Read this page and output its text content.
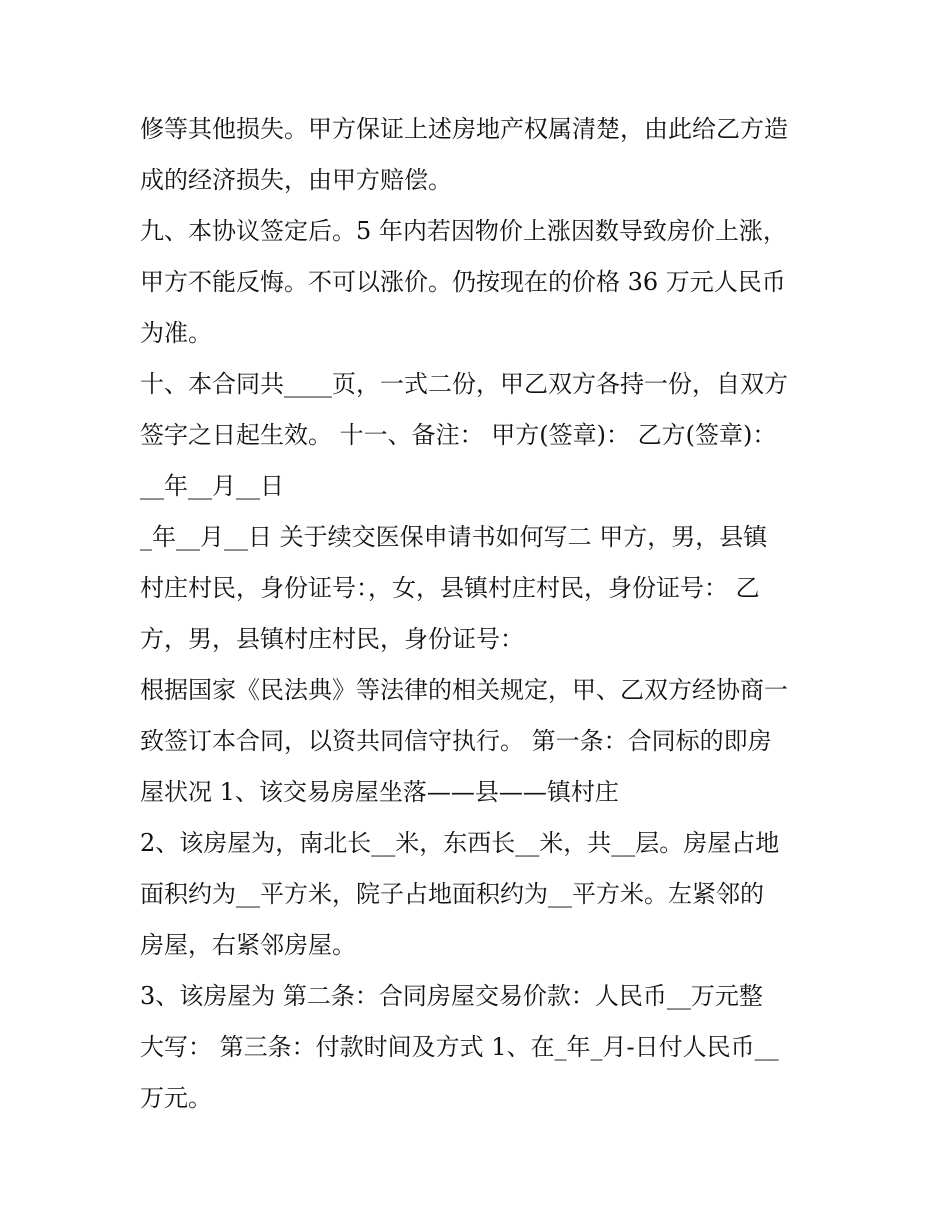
修等其他损失。甲方保证上述房地产权属清楚，由此给乙方造
成的经济损失，由甲方赔偿。
九、本协议签定后。5 年内若因物价上涨因数导致房价上涨，
甲方不能反悔。不可以涨价。仍按现在的价格 36 万元人民币
为准。
十、本合同共____页，一式二份，甲乙双方各持一份，自双方
签字之日起生效。 十一、备注： 甲方(签章)： 乙方(签章)：
__年__月__日
_年__月__日 关于续交医保申请书如何写二 甲方，男，县镇
村庄村民，身份证号：，女，县镇村庄村民，身份证号： 乙
方，男，县镇村庄村民，身份证号：
根据国家《民法典》等法律的相关规定，甲、乙双方经协商一
致签订本合同，以资共同信守执行。 第一条：合同标的即房
屋状况 1、该交易房屋坐落——县——镇村庄
2、该房屋为，南北长__米，东西长__米，共__层。房屋占地
面积约为__平方米，院子占地面积约为__平方米。左紧邻的
房屋，右紧邻房屋。
3、该房屋为 第二条：合同房屋交易价款：人民币__万元整
大写： 第三条：付款时间及方式 1、在_年_月-日付人民币__
万元。
